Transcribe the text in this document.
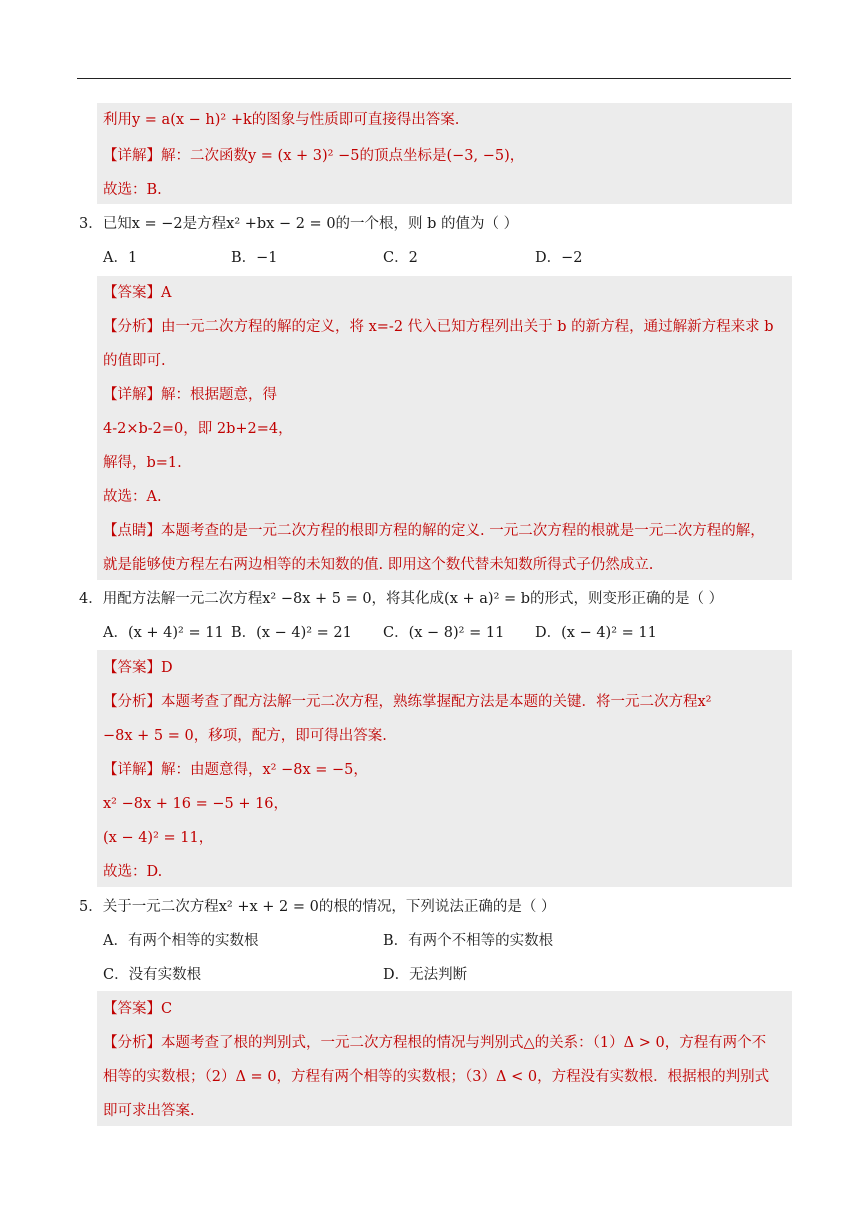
利用y = a(x − h)² +k的图象与性质即可直接得出答案.
【详解】解：二次函数y = (x + 3)² −5的顶点坐标是(−3, −5)，
故选：B.
3．已知x = −2是方程x² +bx − 2 = 0的一个根，则 b 的值为（ ）
A．1	B．−1	C．2	D．−2
【答案】A
【分析】由一元二次方程的解的定义，将 x=-2 代入已知方程列出关于 b 的新方程，通过解新方程来求 b
的值即可.
【详解】解：根据题意，得
4-2×b-2=0，即 2b+2=4，
解得，b=1.
故选：A.
【点睛】本题考查的是一元二次方程的根即方程的解的定义. 一元二次方程的根就是一元二次方程的解，
就是能够使方程左右两边相等的未知数的值. 即用这个数代替未知数所得式子仍然成立.
4．用配方法解一元二次方程x² −8x + 5 = 0，将其化成(x + a)² = b的形式，则变形正确的是（ ）
A．(x + 4)² = 11 B．(x − 4)² = 21 C．(x − 8)² = 11 D．(x − 4)² = 11
【答案】D
【分析】本题考查了配方法解一元二次方程，熟练掌握配方法是本题的关键．将一元二次方程x²
−8x + 5 = 0，移项，配方，即可得出答案.
【详解】解：由题意得，x² −8x = −5，
x² −8x + 16 = −5 + 16，
(x − 4)² = 11，
故选：D.
5．关于一元二次方程x² +x + 2 = 0的根的情况，下列说法正确的是（ ）
A．有两个相等的实数根	B．有两个不相等的实数根
C．没有实数根	D．无法判断
【答案】C
【分析】本题考查了根的判别式，一元二次方程根的情况与判别式△的关系：（1）Δ > 0，方程有两个不
相等的实数根；（2）Δ = 0，方程有两个相等的实数根；（3）Δ < 0，方程没有实数根．根据根的判别式
即可求出答案.
